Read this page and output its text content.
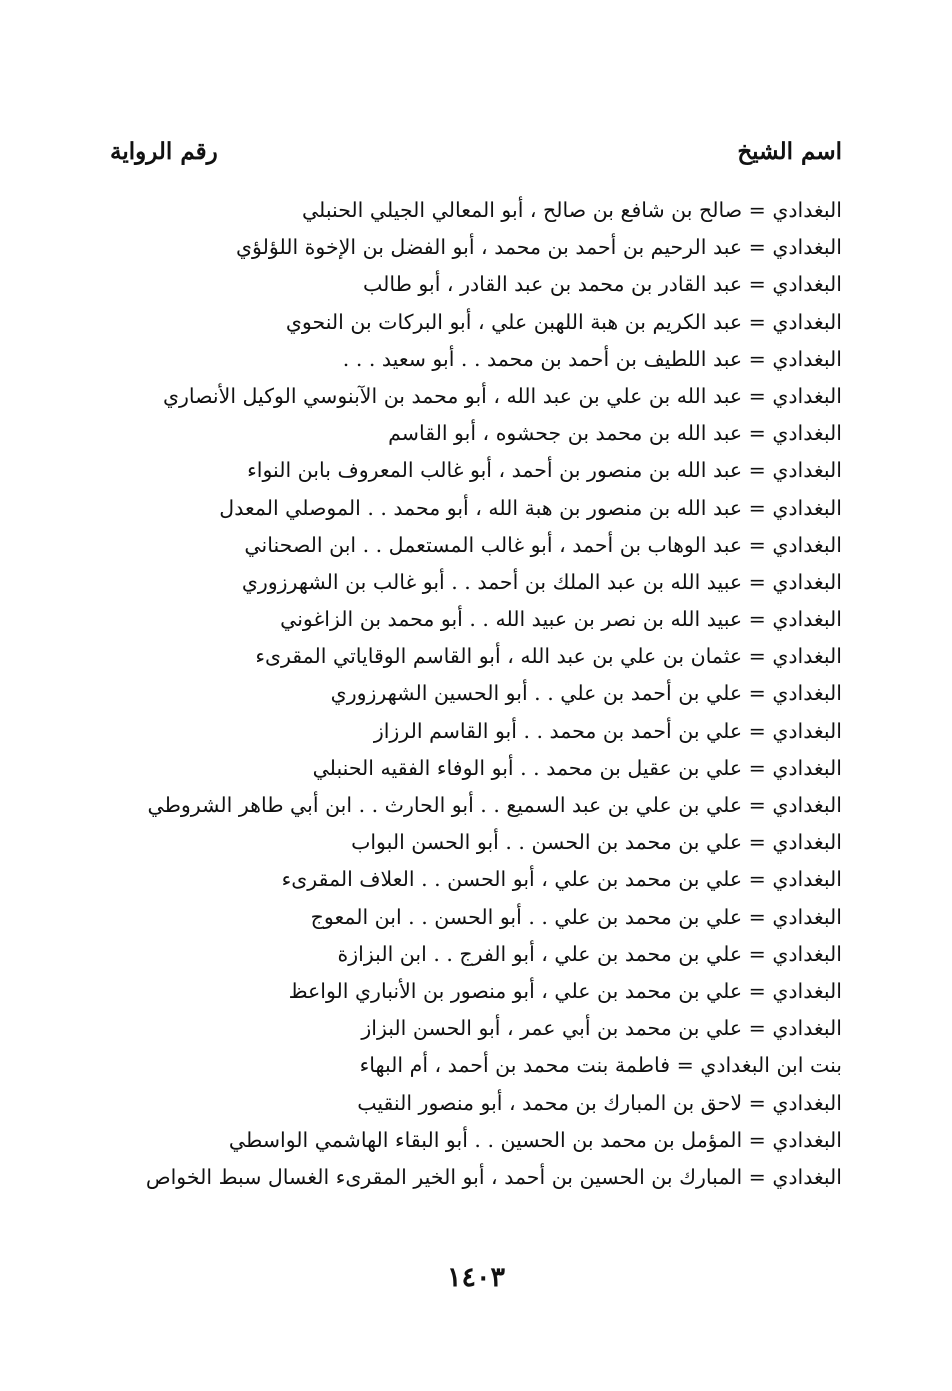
اسم الشيخ
رقم الرواية
البغدادي = صالح بن شافع بن صالح ، أبو المعالي الجيلي الحنبلي
البغدادي = عبد الرحيم بن أحمد بن محمد ، أبو الفضل بن الإخوة اللؤلؤي
البغدادي = عبد القادر بن محمد بن عبد القادر ، أبو طالب
البغدادي = عبد الكريم بن هبة اللهبن علي ، أبو البركات بن النحوي
البغدادي = عبد اللطيف بن أحمد بن محمد . . أبو سعيد . . .
البغدادي = عبد الله بن علي بن عبد الله ، أبو محمد بن الآبنوسي الوكيل الأنصاري
البغدادي = عبد الله بن محمد بن جحشوه ، أبو القاسم
البغدادي = عبد الله بن منصور بن أحمد ، أبو غالب المعروف بابن النواء
البغدادي = عبد الله بن منصور بن هبة الله ، أبو محمد . . الموصلي المعدل
البغدادي = عبد الوهاب بن أحمد ، أبو غالب المستعمل . . ابن الصحناني
البغدادي = عبيد الله بن عبد الملك بن أحمد . . أبو غالب بن الشهرزوري
البغدادي = عبيد الله بن نصر بن عبيد الله . . أبو محمد بن الزاغوني
البغدادي = عثمان بن علي بن عبد الله ، أبو القاسم الوقاياتي المقرىء
البغدادي = علي بن أحمد بن علي . . أبو الحسين الشهرزوري
البغدادي = علي بن أحمد بن محمد . . أبو القاسم الرزاز
البغدادي = علي بن عقيل بن محمد . . أبو الوفاء الفقيه الحنبلي
البغدادي = علي بن علي بن عبد السميع . . أبو الحارث . . ابن أبي طاهر الشروطي
البغدادي = علي بن محمد بن الحسن . . أبو الحسن البواب
البغدادي = علي بن محمد بن علي ، أبو الحسن . . العلاف المقرىء
البغدادي = علي بن محمد بن علي . . أبو الحسن . . ابن المعوج
البغدادي = علي بن محمد بن علي ، أبو الفرج . . ابن البزازة
البغدادي = علي بن محمد بن علي ، أبو منصور بن الأنباري الواعظ
البغدادي = علي بن محمد بن أبي عمر ، أبو الحسن البزاز
بنت ابن البغدادي = فاطمة بنت محمد بن أحمد ، أم البهاء
البغدادي = لاحق بن المبارك بن محمد ، أبو منصور النقيب
البغدادي = المؤمل بن محمد بن الحسين . . أبو البقاء الهاشمي الواسطي
البغدادي = المبارك بن الحسين بن أحمد ، أبو الخير المقرىء الغسال سبط الخواص
١٤٠٣
